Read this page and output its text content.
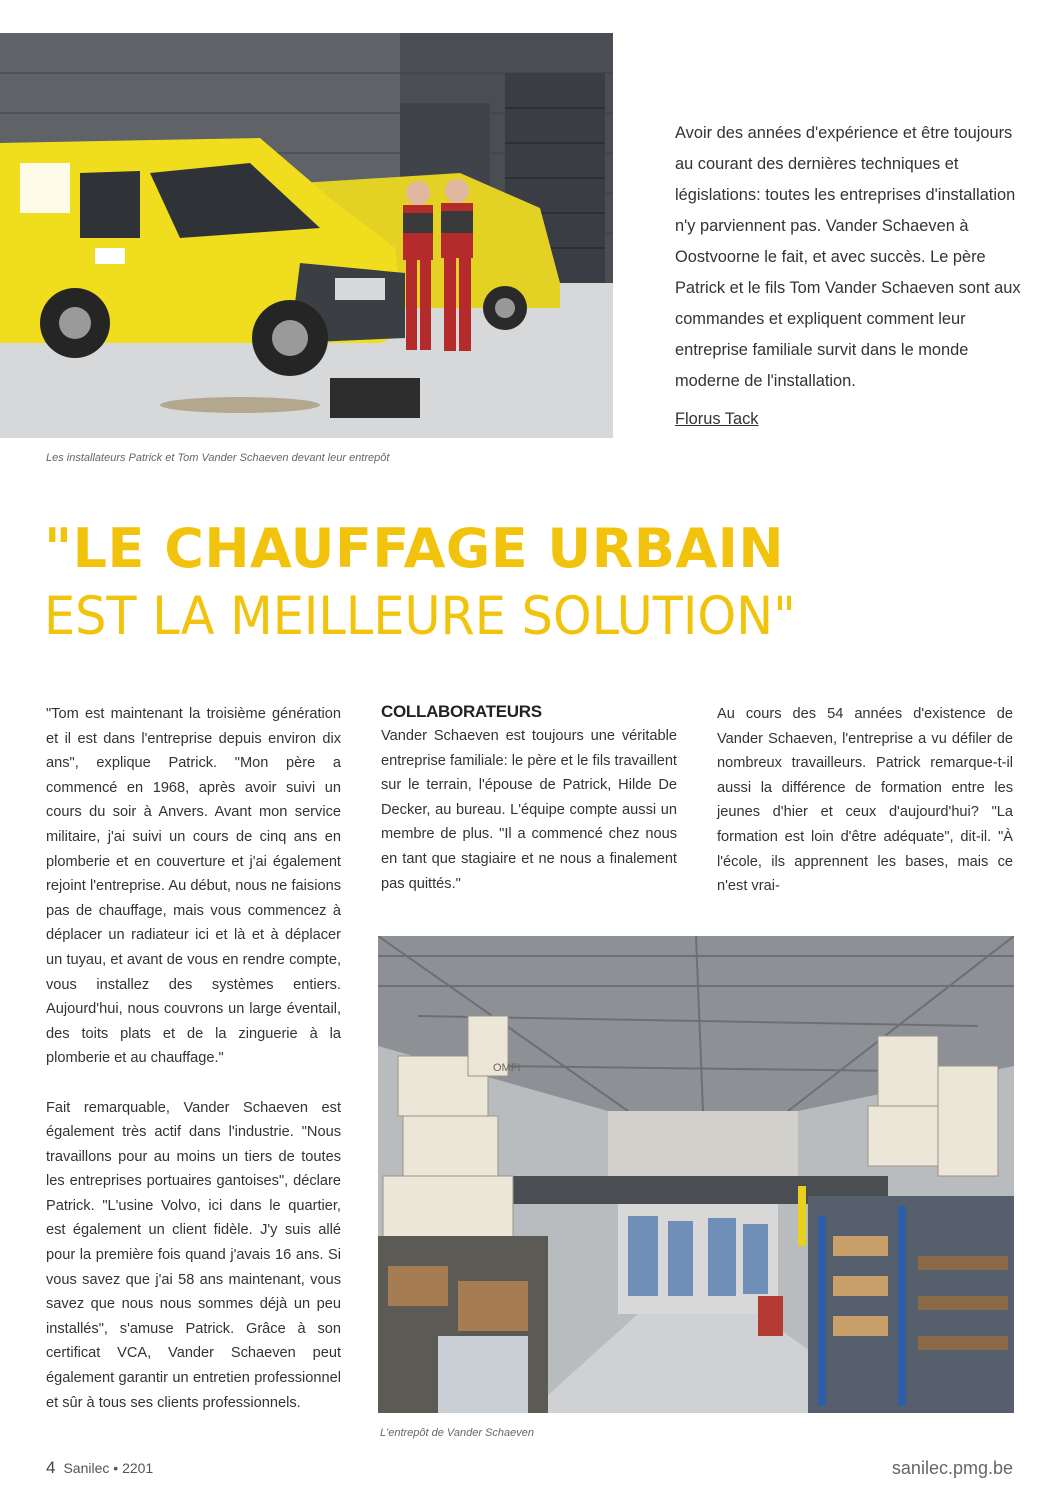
Les installateurs Patrick et Tom Vander Schaeven devant leur entrepôt

Avoir des années d'expérience et être toujours au courant des dernières techniques et législations: toutes les entreprises d'installation n'y parviennent pas. Vander Schaeven à Oostvoorne le fait, et avec succès. Le père Patrick et le fils Tom Vander Schaeven sont aux commandes et expliquent comment leur entreprise familiale survit dans le monde moderne de l'installation.

Florus Tack
"LE CHAUFFAGE URBAIN
EST LA MEILLEURE SOLUTION"

"Tom est maintenant la troisième génération et il est dans l'entreprise depuis environ dix ans", explique Patrick. "Mon père a commencé en 1968, après avoir suivi un cours du soir à Anvers. Avant mon service militaire, j'ai suivi un cours de cinq ans en plomberie et en couverture et j'ai également rejoint l'entreprise. Au début, nous ne faisions pas de chauffage, mais vous commencez à déplacer un radiateur ici et là et à déplacer un tuyau, et avant de vous en rendre compte, vous installez des systèmes entiers. Aujourd'hui, nous couvrons un large éventail, des toits plats et de la zinguerie à la plomberie et au chauffage."

Fait remarquable, Vander Schaeven est également très actif dans l'industrie. "Nous travaillons pour au moins un tiers de toutes les entreprises portuaires gantoises", déclare Patrick. "L'usine Volvo, ici dans le quartier, est également un client fidèle. J'y suis allé pour la première fois quand j'avais 16 ans. Si vous savez que j'ai 58 ans maintenant, vous savez que nous nous sommes déjà un peu installés", s'amuse Patrick. Grâce à son certificat VCA, Vander Schaeven peut également garantir un entretien professionnel et sûr à tous ses clients professionnels.

COLLABORATEURS

Vander Schaeven est toujours une véritable entreprise familiale: le père et le fils travaillent sur le terrain, l'épouse de Patrick, Hilde De Decker, au bureau. L'équipe compte aussi un membre de plus. "Il a commencé chez nous en tant que stagiaire et ne nous a finalement pas quittés."

Au cours des 54 années d'existence de Vander Schaeven, l'entreprise a vu défiler de nombreux travailleurs. Patrick remarque-t-il aussi la différence de formation entre les jeunes d'hier et ceux d'aujourd'hui? "La formation est loin d'être adéquate", dit-il. "À l'école, ils apprennent les bases, mais ce n'est vrai-

OMFI
L'entrepôt de Vander Schaeven
4 Sanilec • 2201	sanilec.pmg.be
